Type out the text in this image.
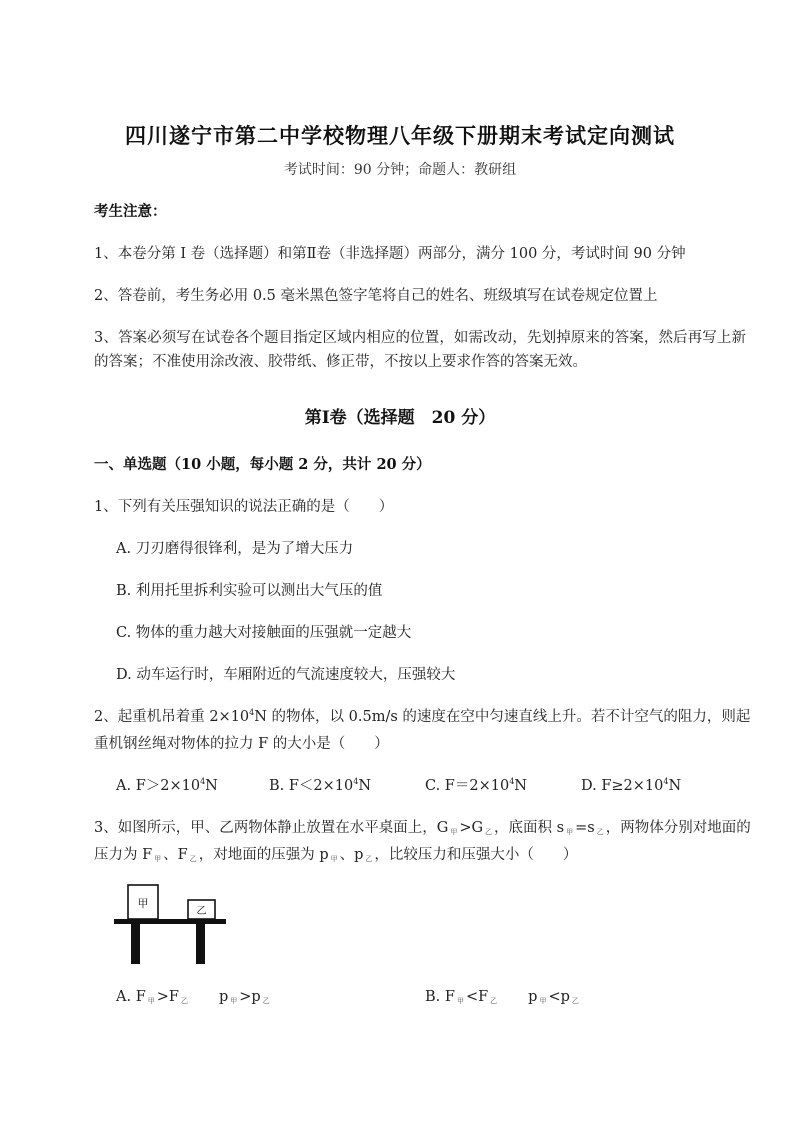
四川遂宁市第二中学校物理八年级下册期末考试定向测试
考试时间：90 分钟；命题人：教研组
考生注意：
1、本卷分第 I 卷（选择题）和第Ⅱ卷（非选择题）两部分，满分 100 分，考试时间 90 分钟
2、答卷前，考生务必用 0.5 毫米黑色签字笔将自己的姓名、班级填写在试卷规定位置上
3、答案必须写在试卷各个题目指定区域内相应的位置，如需改动，先划掉原来的答案，然后再写上新的答案；不准使用涂改液、胶带纸、修正带，不按以上要求作答的答案无效。
第Ⅰ卷（选择题　20 分）
一、单选题（10 小题，每小题 2 分，共计 20 分）
1、下列有关压强知识的说法正确的是（　　）
A. 刀刃磨得很锋利，是为了增大压力
B. 利用托里拆利实验可以测出大气压的值
C. 物体的重力越大对接触面的压强就一定越大
D. 动车运行时，车厢附近的气流速度较大，压强较大
2、起重机吊着重 $2\times 10^4N$ 的物体，以 0.5m/s 的速度在空中匀速直线上升。若不计空气的阻力，则起
重机钢丝绳对物体的拉力 F 的大小是（　　）
A. $F>2\times 10^4N$	B. $F<2\times 10^4N$	C. $F=2\times 10^4N$	D. $F\ge 2\times 10^4N$
3、如图所示，甲、乙两物体静止放置在水平桌面上，G $_甲$ >G $_乙$ ，底面积 s $_甲$ =s $_乙$ ，两物体分别对地面的
压力为 F $_甲$ 、F $_乙$ ，对地面的压强为 p $_甲$ 、p $_乙$ ，比较压力和压强大小（　　）
甲
乙
A. F $_甲$ >F $_乙$　　p $_甲$ >p $_乙$	B. F $_甲$ <F $_乙$　　p $_甲$ <p $_乙$
